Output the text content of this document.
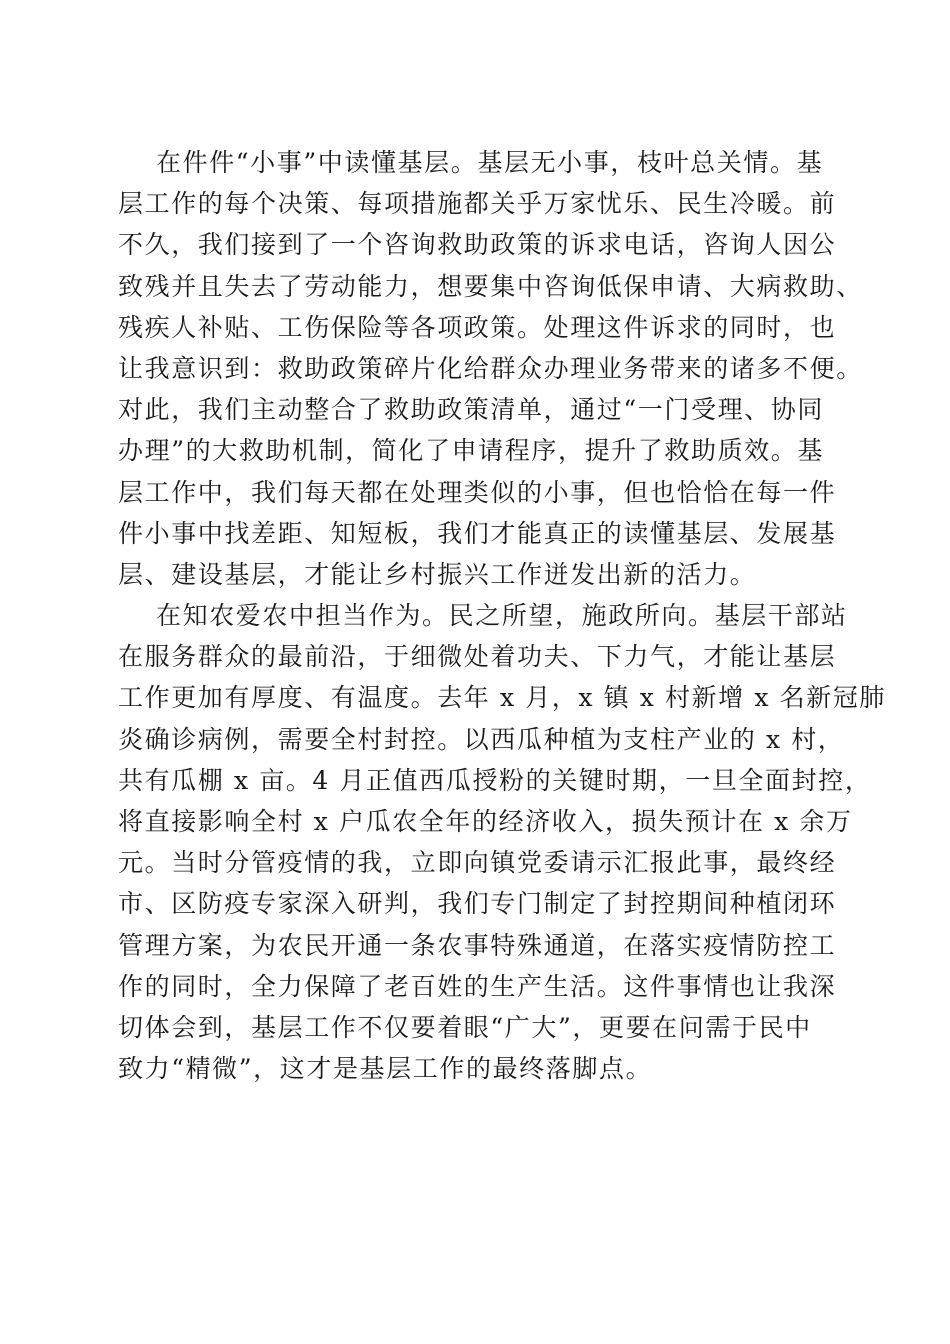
在件件“小事”中读懂基层。基层无小事，枝叶总关情。基
层工作的每个决策、每项措施都关乎万家忧乐、民生冷暖。前
不久，我们接到了一个咨询救助政策的诉求电话，咨询人因公
致残并且失去了劳动能力，想要集中咨询低保申请、大病救助、
残疾人补贴、工伤保险等各项政策。处理这件诉求的同时，也
让我意识到：救助政策碎片化给群众办理业务带来的诸多不便。
对此，我们主动整合了救助政策清单，通过“一门受理、协同
办理”的大救助机制，简化了申请程序，提升了救助质效。基
层工作中，我们每天都在处理类似的小事，但也恰恰在每一件
件小事中找差距、知短板，我们才能真正的读懂基层、发展基
层、建设基层，才能让乡村振兴工作迸发出新的活力。
在知农爱农中担当作为。民之所望，施政所向。基层干部站
在服务群众的最前沿，于细微处着功夫、下力气，才能让基层
工作更加有厚度、有温度。去年 x 月，x 镇 x 村新增 x 名新冠肺
炎确诊病例，需要全村封控。以西瓜种植为支柱产业的 x 村，
共有瓜棚 x 亩。4 月正值西瓜授粉的关键时期，一旦全面封控，
将直接影响全村 x 户瓜农全年的经济收入，损失预计在 x 余万
元。当时分管疫情的我，立即向镇党委请示汇报此事，最终经
市、区防疫专家深入研判，我们专门制定了封控期间种植闭环
管理方案，为农民开通一条农事特殊通道，在落实疫情防控工
作的同时，全力保障了老百姓的生产生活。这件事情也让我深
切体会到，基层工作不仅要着眼“广大”，更要在问需于民中
致力“精微”，这才是基层工作的最终落脚点。
